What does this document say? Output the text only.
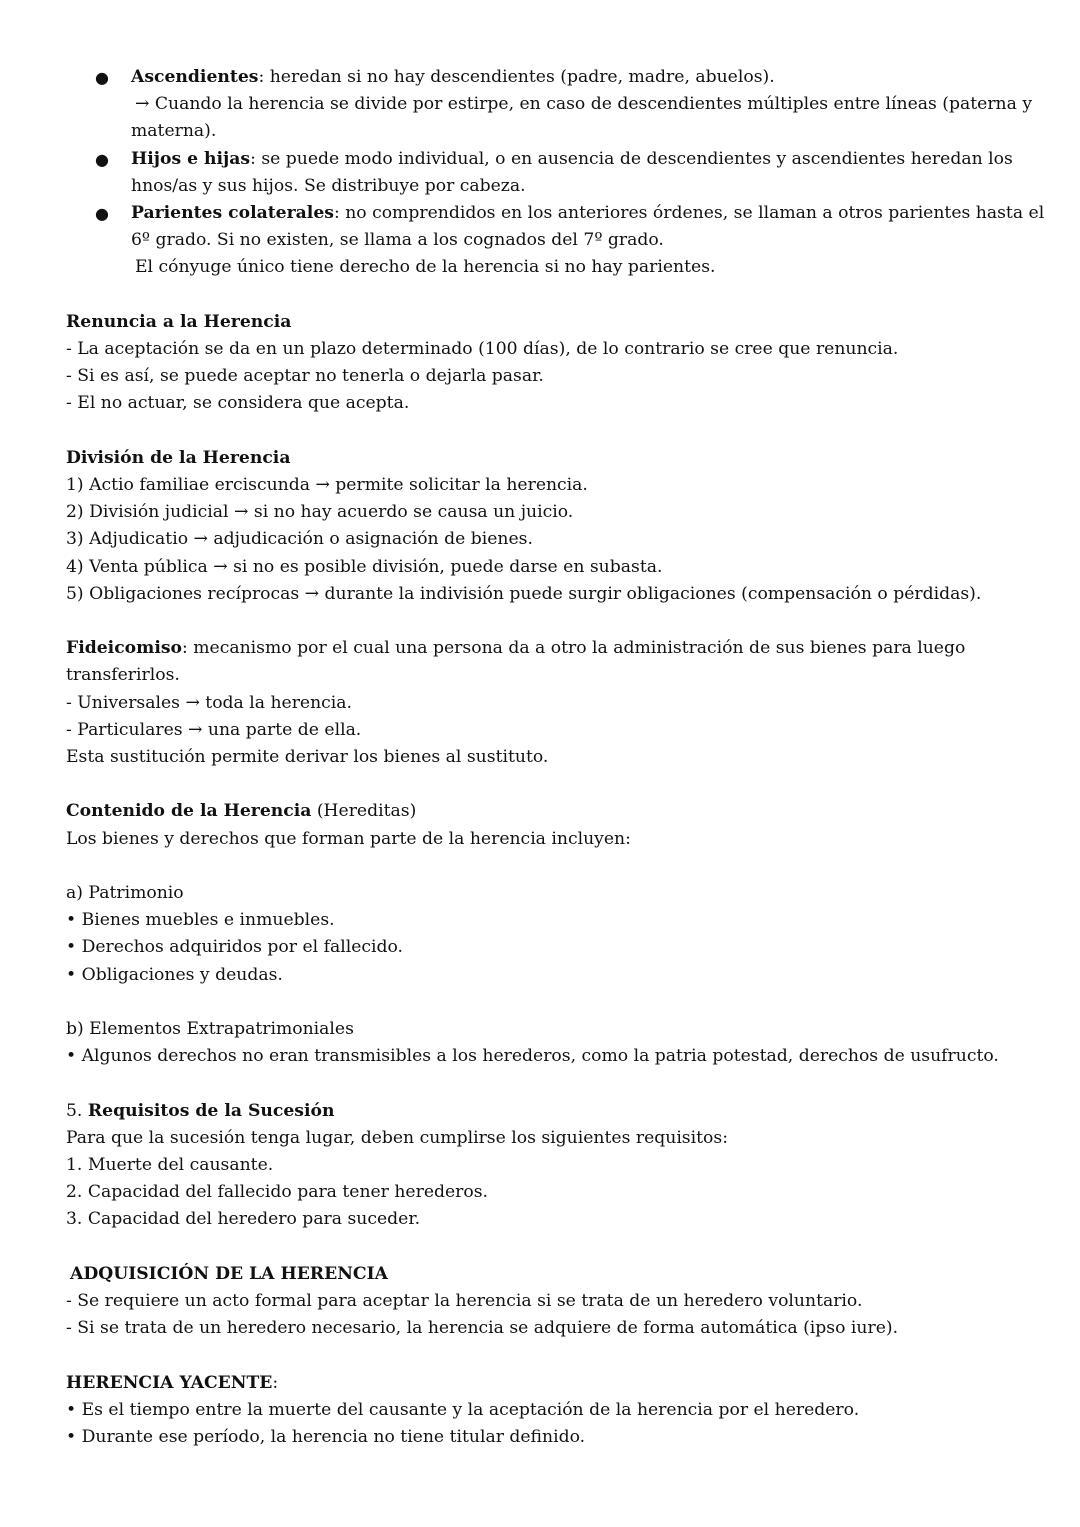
● Ascendientes: heredan si no hay descendientes (padre, madre, abuelos).
→ Cuando la herencia se divide por estirpe, en caso de descendientes múltiples entre líneas (paterna y
materna).
● Hijos e hijas: se puede modo individual, o en ausencia de descendientes y ascendientes heredan los
hnos/as y sus hijos. Se distribuye por cabeza.
● Parientes colaterales: no comprendidos en los anteriores órdenes, se llaman a otros parientes hasta el
6º grado. Si no existen, se llama a los cognados del 7º grado.
El cónyuge único tiene derecho de la herencia si no hay parientes.
Renuncia a la Herencia
- La aceptación se da en un plazo determinado (100 días), de lo contrario se cree que renuncia.
- Si es así, se puede aceptar no tenerla o dejarla pasar.
- El no actuar, se considera que acepta.
División de la Herencia
1) Actio familiae erciscunda → permite solicitar la herencia.
2) División judicial → si no hay acuerdo se causa un juicio.
3) Adjudicatio → adjudicación o asignación de bienes.
4) Venta pública → si no es posible división, puede darse en subasta.
5) Obligaciones recíprocas → durante la indivisión puede surgir obligaciones (compensación o pérdidas).
Fideicomiso: mecanismo por el cual una persona da a otro la administración de sus bienes para luego
transferirlos.
- Universales → toda la herencia.
- Particulares → una parte de ella.
Esta sustitución permite derivar los bienes al sustituto.
Contenido de la Herencia (Hereditas)
Los bienes y derechos que forman parte de la herencia incluyen:
a) Patrimonio
• Bienes muebles e inmuebles.
• Derechos adquiridos por el fallecido.
• Obligaciones y deudas.
b) Elementos Extrapatrimoniales
• Algunos derechos no eran transmisibles a los herederos, como la patria potestad, derechos de usufructo.
5. Requisitos de la Sucesión
Para que la sucesión tenga lugar, deben cumplirse los siguientes requisitos:
1. Muerte del causante.
2. Capacidad del fallecido para tener herederos.
3. Capacidad del heredero para suceder.
ADQUISICIÓN DE LA HERENCIA
- Se requiere un acto formal para aceptar la herencia si se trata de un heredero voluntario.
- Si se trata de un heredero necesario, la herencia se adquiere de forma automática (ipso iure).
HERENCIA YACENTE:
• Es el tiempo entre la muerte del causante y la aceptación de la herencia por el heredero.
• Durante ese período, la herencia no tiene titular definido.
